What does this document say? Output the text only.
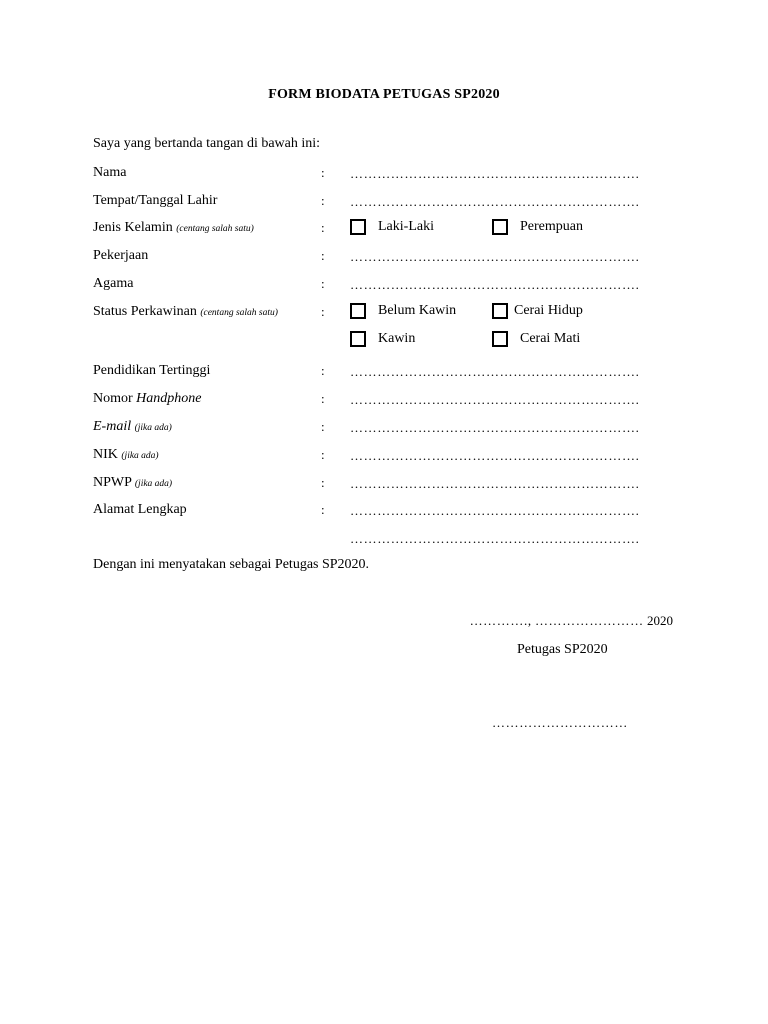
FORM BIODATA PETUGAS SP2020
Saya yang bertanda tangan di bawah ini:
Nama	: ……………………………………………………….
Tempat/Tanggal Lahir	: ……………………………………………………….
Jenis Kelamin (centang salah satu)	:	Laki-Laki	Perempuan
Pekerjaan	: ……………………………………………………….
Agama	: ……………………………………………………….
Status Perkawinan (centang salah satu)	:	Belum Kawin	Cerai Hidup
Kawin	Cerai Mati
Pendidikan Tertinggi	: ……………………………………………………….
Nomor Handphone	: ……………………………………………………….
E-mail (jika ada)	: ……………………………………………………….
NIK (jika ada)	: ……………………………………………………….
NPWP (jika ada)	: ……………………………………………………….
Alamat Lengkap	: ……………………………………………………….
……………………………………………………….
Dengan ini menyatakan sebagai Petugas SP2020.
…………., …………………… 2020
Petugas SP2020
…………………………
